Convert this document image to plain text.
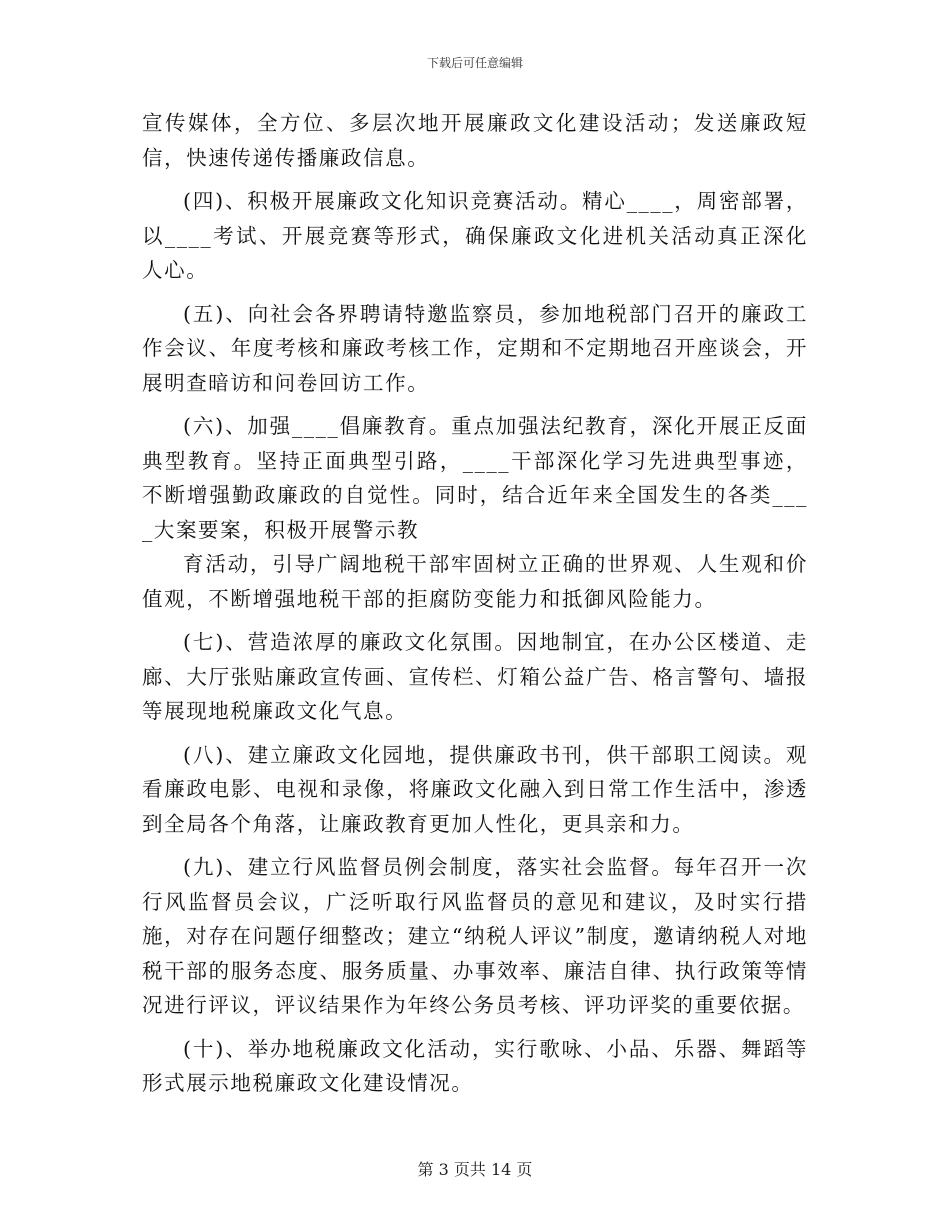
下载后可任意编辑

宣传媒体，全方位、多层次地开展廉政文化建设活动；发送廉政短信，快速传递传播廉政信息。

(四)、积极开展廉政文化知识竞赛活动。精心____，周密部署，以____考试、开展竞赛等形式，确保廉政文化进机关活动真正深化人心。

(五)、向社会各界聘请特邀监察员，参加地税部门召开的廉政工作会议、年度考核和廉政考核工作，定期和不定期地召开座谈会，开展明查暗访和问卷回访工作。

(六)、加强____倡廉教育。重点加强法纪教育，深化开展正反面典型教育。坚持正面典型引路，____干部深化学习先进典型事迹，不断增强勤政廉政的自觉性。同时，结合近年来全国发生的各类____大案要案，积极开展警示教

育活动，引导广阔地税干部牢固树立正确的世界观、人生观和价值观，不断增强地税干部的拒腐防变能力和抵御风险能力。

(七)、营造浓厚的廉政文化氛围。因地制宜，在办公区楼道、走廊、大厅张贴廉政宣传画、宣传栏、灯箱公益广告、格言警句、墙报等展现地税廉政文化气息。

(八)、建立廉政文化园地，提供廉政书刊，供干部职工阅读。观看廉政电影、电视和录像，将廉政文化融入到日常工作生活中，渗透到全局各个角落，让廉政教育更加人性化，更具亲和力。

(九)、建立行风监督员例会制度，落实社会监督。每年召开一次行风监督员会议，广泛听取行风监督员的意见和建议，及时实行措施，对存在问题仔细整改；建立“纳税人评议”制度，邀请纳税人对地税干部的服务态度、服务质量、办事效率、廉洁自律、执行政策等情况进行评议，评议结果作为年终公务员考核、评功评奖的重要依据。

(十)、举办地税廉政文化活动，实行歌咏、小品、乐器、舞蹈等形式展示地税廉政文化建设情况。

第 3 页共 14 页
